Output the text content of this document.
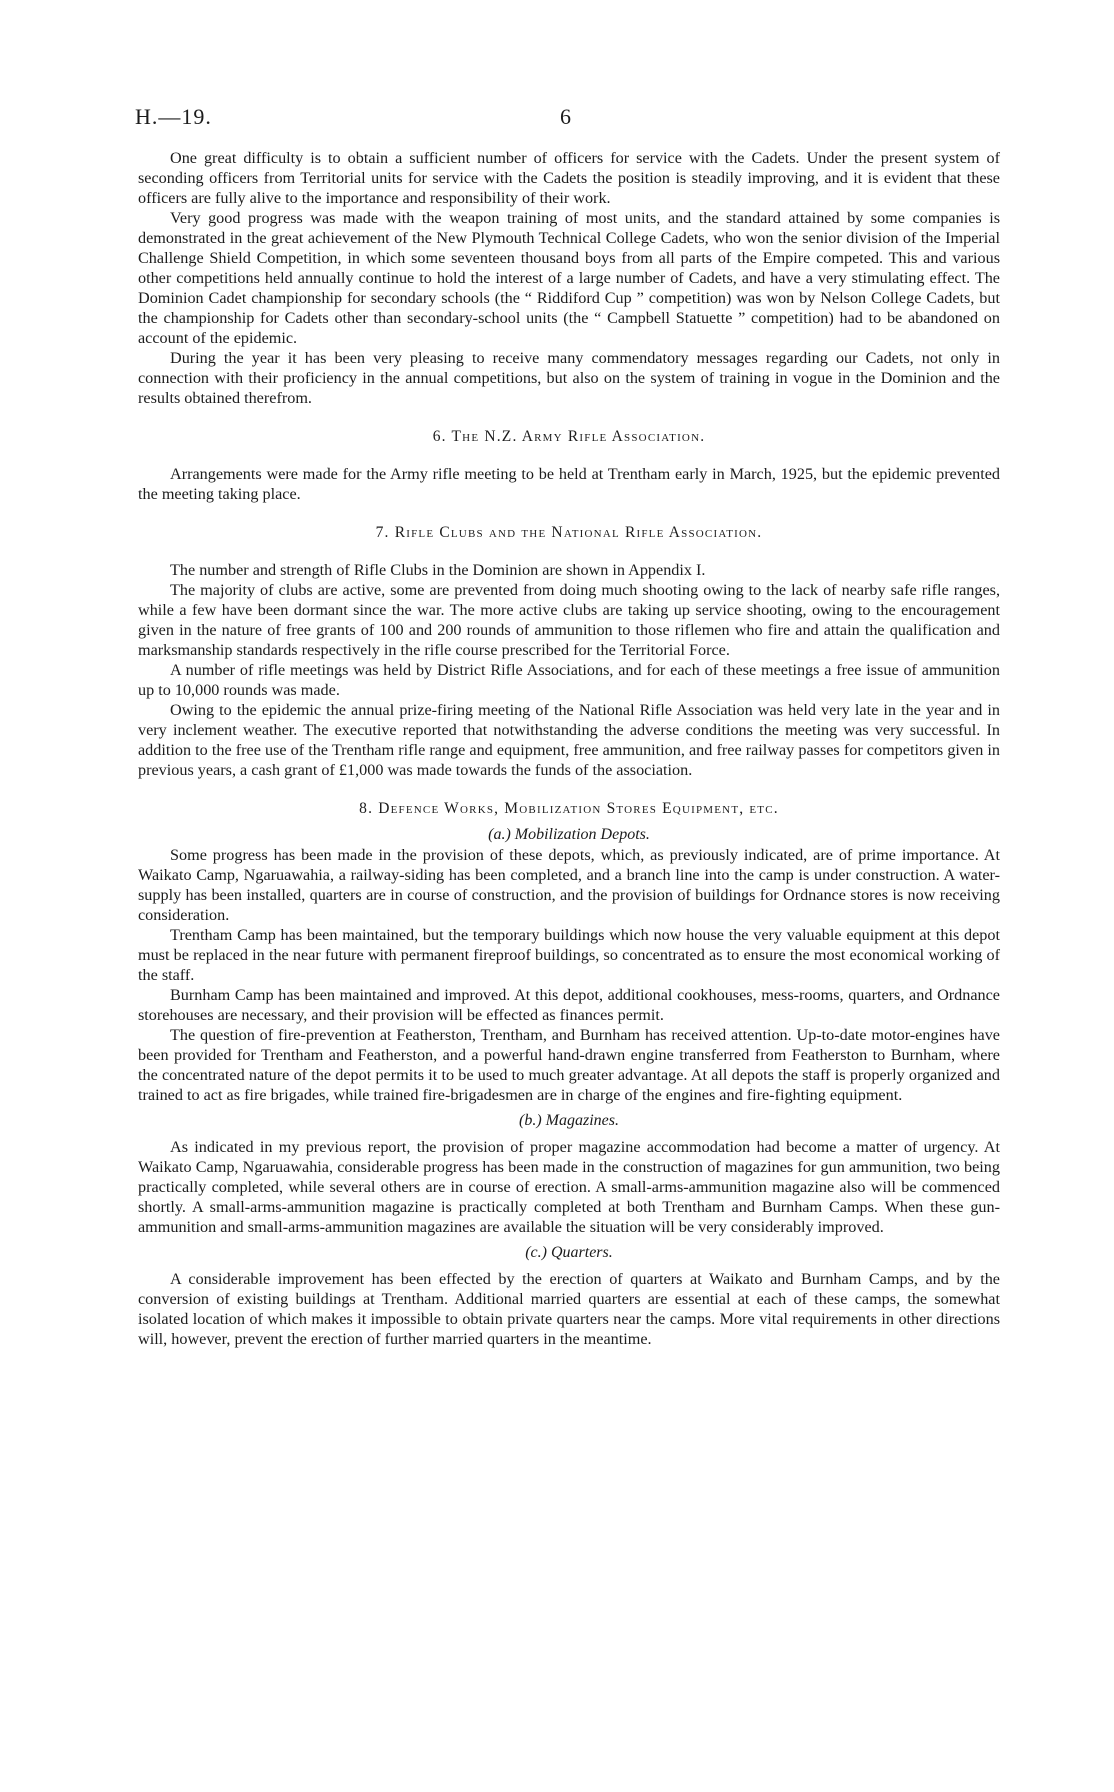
H.—19.	6

One great difficulty is to obtain a sufficient number of officers for service with the Cadets. Under the present system of seconding officers from Territorial units for service with the Cadets the position is steadily improving, and it is evident that these officers are fully alive to the importance and responsibility of their work.

Very good progress was made with the weapon training of most units, and the standard attained by some companies is demonstrated in the great achievement of the New Plymouth Technical College Cadets, who won the senior division of the Imperial Challenge Shield Competition, in which some seventeen thousand boys from all parts of the Empire competed. This and various other competitions held annually continue to hold the interest of a large number of Cadets, and have a very stimulating effect. The Dominion Cadet championship for secondary schools (the “ Riddiford Cup ” competition) was won by Nelson College Cadets, but the championship for Cadets other than secondary-school units (the “ Campbell Statuette ” competition) had to be abandoned on account of the epidemic.

During the year it has been very pleasing to receive many commendatory messages regarding our Cadets, not only in connection with their proficiency in the annual competitions, but also on the system of training in vogue in the Dominion and the results obtained therefrom.

6. The N.Z. Army Rifle Association.

Arrangements were made for the Army rifle meeting to be held at Trentham early in March, 1925, but the epidemic prevented the meeting taking place.

7. Rifle Clubs and the National Rifle Association.

The number and strength of Rifle Clubs in the Dominion are shown in Appendix I.

The majority of clubs are active, some are prevented from doing much shooting owing to the lack of nearby safe rifle ranges, while a few have been dormant since the war. The more active clubs are taking up service shooting, owing to the encouragement given in the nature of free grants of 100 and 200 rounds of ammunition to those riflemen who fire and attain the qualification and marksmanship standards respectively in the rifle course prescribed for the Territorial Force.

A number of rifle meetings was held by District Rifle Associations, and for each of these meetings a free issue of ammunition up to 10,000 rounds was made.

Owing to the epidemic the annual prize-firing meeting of the National Rifle Association was held very late in the year and in very inclement weather. The executive reported that notwithstanding the adverse conditions the meeting was very successful. In addition to the free use of the Trentham rifle range and equipment, free ammunition, and free railway passes for competitors given in previous years, a cash grant of £1,000 was made towards the funds of the association.

8. Defence Works, Mobilization Stores Equipment, etc.
(a.) Mobilization Depots.

Some progress has been made in the provision of these depots, which, as previously indicated, are of prime importance. At Waikato Camp, Ngaruawahia, a railway-siding has been completed, and a branch line into the camp is under construction. A water-supply has been installed, quarters are in course of construction, and the provision of buildings for Ordnance stores is now receiving consideration.

Trentham Camp has been maintained, but the temporary buildings which now house the very valuable equipment at this depot must be replaced in the near future with permanent fireproof buildings, so concentrated as to ensure the most economical working of the staff.

Burnham Camp has been maintained and improved. At this depot, additional cookhouses, mess-rooms, quarters, and Ordnance storehouses are necessary, and their provision will be effected as finances permit.

The question of fire-prevention at Featherston, Trentham, and Burnham has received attention. Up-to-date motor-engines have been provided for Trentham and Featherston, and a powerful hand-drawn engine transferred from Featherston to Burnham, where the concentrated nature of the depot permits it to be used to much greater advantage. At all depots the staff is properly organized and trained to act as fire brigades, while trained fire-brigadesmen are in charge of the engines and fire-fighting equipment.

(b.) Magazines.

As indicated in my previous report, the provision of proper magazine accommodation had become a matter of urgency. At Waikato Camp, Ngaruawahia, considerable progress has been made in the construction of magazines for gun ammunition, two being practically completed, while several others are in course of erection. A small-arms-ammunition magazine also will be commenced shortly. A small-arms-ammunition magazine is practically completed at both Trentham and Burnham Camps. When these gun-ammunition and small-arms-ammunition magazines are available the situation will be very considerably improved.

(c.) Quarters.

A considerable improvement has been effected by the erection of quarters at Waikato and Burnham Camps, and by the conversion of existing buildings at Trentham. Additional married quarters are essential at each of these camps, the somewhat isolated location of which makes it impossible to obtain private quarters near the camps. More vital requirements in other directions will, however, prevent the erection of further married quarters in the meantime.
